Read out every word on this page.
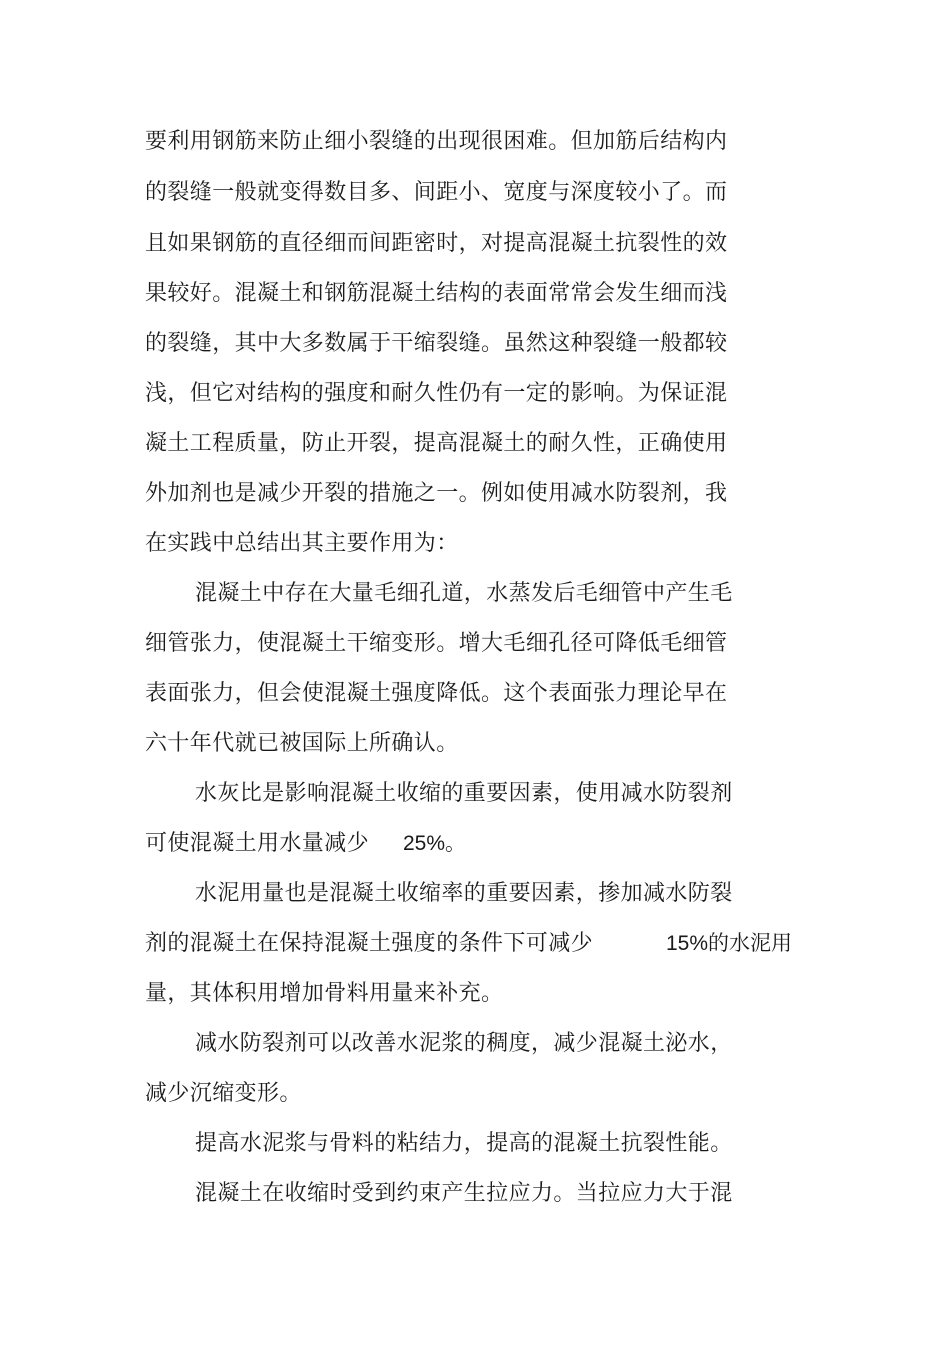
要利用钢筋来防止细小裂缝的出现很困难。但加筋后结构内
的裂缝一般就变得数目多、间距小、宽度与深度较小了。而
且如果钢筋的直径细而间距密时，对提高混凝土抗裂性的效
果较好。混凝土和钢筋混凝土结构的表面常常会发生细而浅
的裂缝，其中大多数属于干缩裂缝。虽然这种裂缝一般都较
浅，但它对结构的强度和耐久性仍有一定的影响。为保证混
凝土工程质量，防止开裂，提高混凝土的耐久性，正确使用
外加剂也是减少开裂的措施之一。例如使用减水防裂剂，我
在实践中总结出其主要作用为：
混凝土中存在大量毛细孔道，水蒸发后毛细管中产生毛
细管张力，使混凝土干缩变形。增大毛细孔径可降低毛细管
表面张力，但会使混凝土强度降低。这个表面张力理论早在
六十年代就已被国际上所确认。
水灰比是影响混凝土收缩的重要因素，使用减水防裂剂
可使混凝土用水量减少 25%。
水泥用量也是混凝土收缩率的重要因素，掺加减水防裂
剂的混凝土在保持混凝土强度的条件下可减少	15%的水泥用
量，其体积用增加骨料用量来补充。
减水防裂剂可以改善水泥浆的稠度，减少混凝土泌水，
减少沉缩变形。
提高水泥浆与骨料的粘结力，提高的混凝土抗裂性能。
混凝土在收缩时受到约束产生拉应力。当拉应力大于混
